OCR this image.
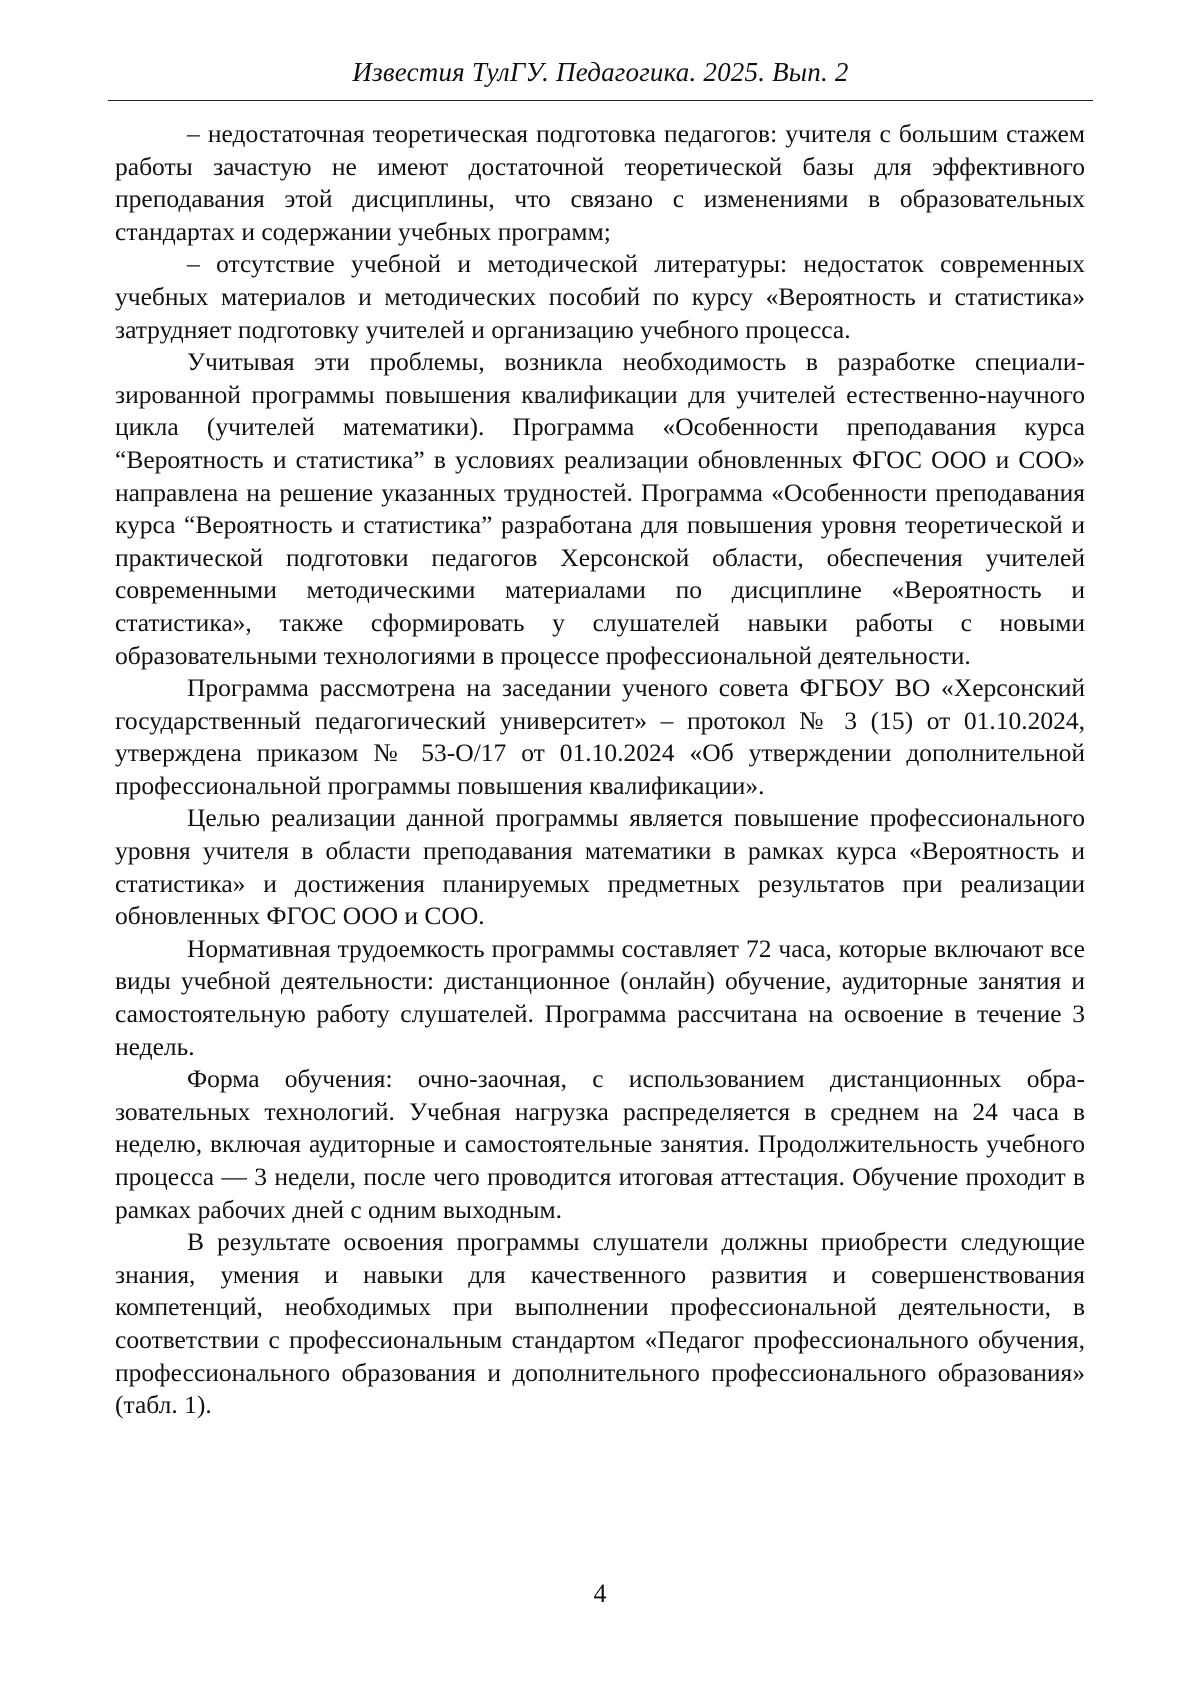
Известия ТулГУ. Педагогика. 2025. Вып. 2

– недостаточная теоретическая подготовка педагогов: учителя с большим стажем работы зачастую не имеют достаточной теоретической базы для эффективного преподавания этой дисциплины, что связано с изменениями в образовательных стандартах и содержании учебных программ;

– отсутствие учебной и методической литературы: недостаток современных учебных материалов и методических пособий по курсу «Вероятность и статистика» затрудняет подготовку учителей и организацию учебного процесса.

Учитывая эти проблемы, возникла необходимость в разработке специализированной программы повышения квалификации для учителей естественно-научного цикла (учителей математики). Программа «Особенности преподавания курса “Вероятность и статистика” в условиях реализации обновленных ФГОС ООО и СОО» направлена на решение указанных трудностей. Программа «Особенности преподавания курса “Вероятность и статистика” разработана для повышения уровня теоретической и практической подготовки педагогов Херсонской области, обеспечения учителей современными методическими материалами по дисциплине «Вероятность и статистика», также сформировать у слушателей навыки работы с новыми образовательными технологиями в процессе профессиональной деятельности.

Программа рассмотрена на заседании ученого совета ФГБОУ ВО «Херсонский государственный педагогический университет» – протокол № 3 (15) от 01.10.2024, утверждена приказом № 53-О/17 от 01.10.2024 «Об утверждении дополнительной профессиональной программы повышения квалификации».

Целью реализации данной программы является повышение профессионального уровня учителя в области преподавания математики в рамках курса «Вероятность и статистика» и достижения планируемых предметных результатов при реализации обновленных ФГОС ООО и СОО.

Нормативная трудоемкость программы составляет 72 часа, которые включают все виды учебной деятельности: дистанционное (онлайн) обучение, аудиторные занятия и самостоятельную работу слушателей. Программа рассчитана на освоение в течение 3 недель.

Форма обучения: очно-заочная, с использованием дистанционных образовательных технологий. Учебная нагрузка распределяется в среднем на 24 часа в неделю, включая аудиторные и самостоятельные занятия. Продолжительность учебного процесса — 3 недели, после чего проводится итоговая аттестация. Обучение проходит в рамках рабочих дней с одним выходным.

В результате освоения программы слушатели должны приобрести следующие знания, умения и навыки для качественного развития и совершенствования компетенций, необходимых при выполнении профессиональной деятельности, в соответствии с профессиональным стандартом «Педагог профессионального обучения, профессионального образования и дополнительного профессионального образования» (табл. 1).

4
